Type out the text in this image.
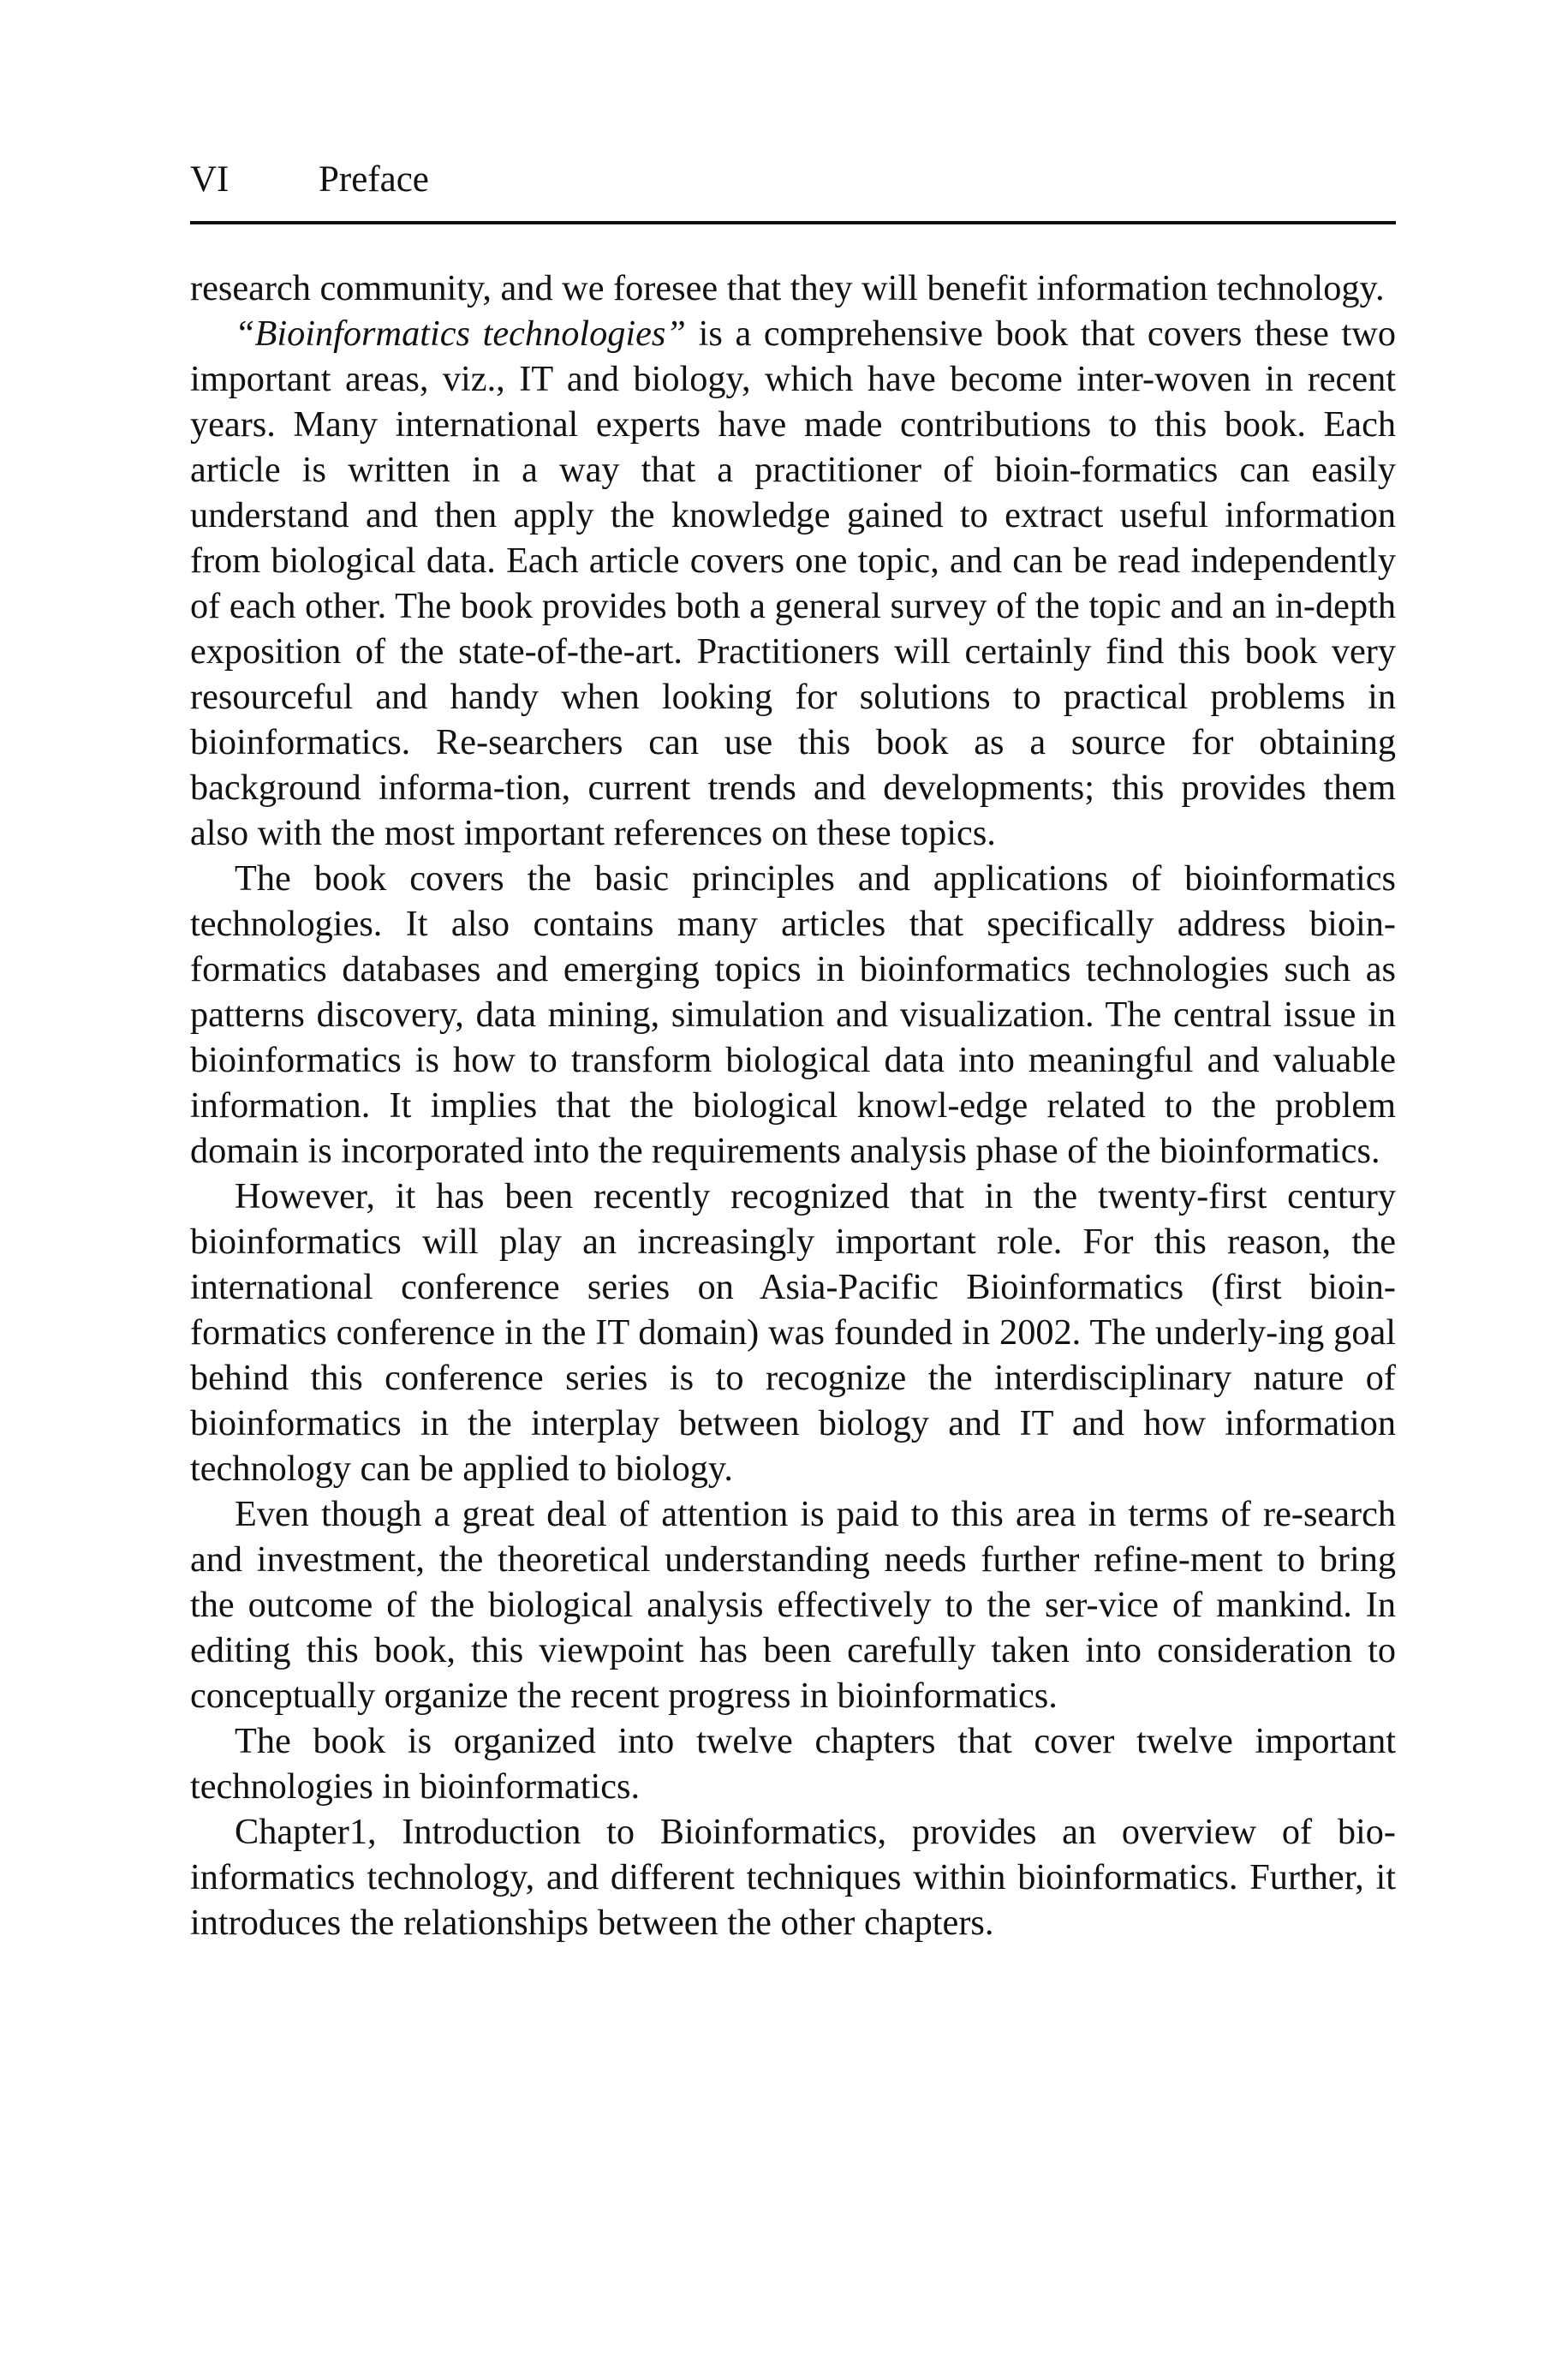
VI Preface

research community, and we foresee that they will benefit information technology.

“Bioinformatics technologies” is a comprehensive book that covers these two important areas, viz., IT and biology, which have become inter-woven in recent years. Many international experts have made contributions to this book. Each article is written in a way that a practitioner of bioin-formatics can easily understand and then apply the knowledge gained to extract useful information from biological data. Each article covers one topic, and can be read independently of each other. The book provides both a general survey of the topic and an in-depth exposition of the state-of-the-art. Practitioners will certainly find this book very resourceful and handy when looking for solutions to practical problems in bioinformatics. Re-searchers can use this book as a source for obtaining background informa-tion, current trends and developments; this provides them also with the most important references on these topics.

The book covers the basic principles and applications of bioinformatics technologies. It also contains many articles that specifically address bioin-formatics databases and emerging topics in bioinformatics technologies such as patterns discovery, data mining, simulation and visualization. The central issue in bioinformatics is how to transform biological data into meaningful and valuable information. It implies that the biological knowl-edge related to the problem domain is incorporated into the requirements analysis phase of the bioinformatics.

However, it has been recently recognized that in the twenty-first century bioinformatics will play an increasingly important role. For this reason, the international conference series on Asia-Pacific Bioinformatics (first bioin-formatics conference in the IT domain) was founded in 2002. The underly-ing goal behind this conference series is to recognize the interdisciplinary nature of bioinformatics in the interplay between biology and IT and how information technology can be applied to biology.

Even though a great deal of attention is paid to this area in terms of re-search and investment, the theoretical understanding needs further refine-ment to bring the outcome of the biological analysis effectively to the ser-vice of mankind. In editing this book, this viewpoint has been carefully taken into consideration to conceptually organize the recent progress in bioinformatics.

The book is organized into twelve chapters that cover twelve important technologies in bioinformatics.

Chapter1, Introduction to Bioinformatics, provides an overview of bio-informatics technology, and different techniques within bioinformatics. Further, it introduces the relationships between the other chapters.
